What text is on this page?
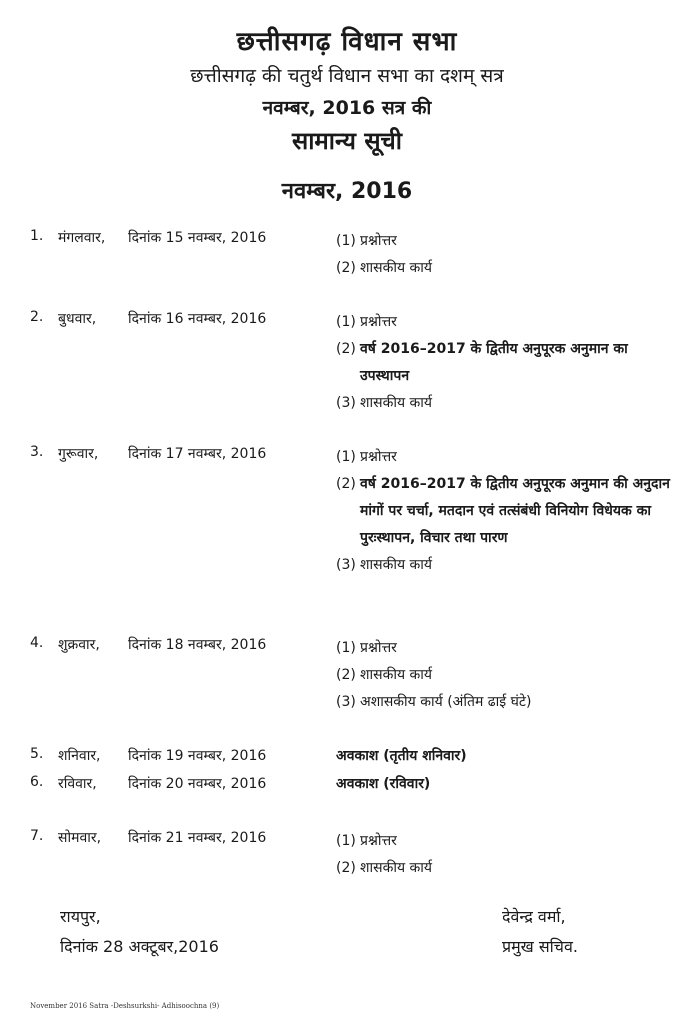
छत्तीसगढ़ विधान सभा
छत्तीसगढ़ की चतुर्थ विधान सभा का दशम् सत्र
नवम्बर, 2016 सत्र की
सामान्य सूची
नवम्बर, 2016
1. मंगलवार, दिनांक 15 नवम्बर, 2016	(1) प्रश्नोत्तर
(2) शासकीय कार्य
2. बुधवार, दिनांक 16 नवम्बर, 2016	(1) प्रश्नोत्तर
(2) वर्ष 2016–2017 के द्वितीय अनुपूरक अनुमान का उपस्थापन
(3) शासकीय कार्य
3. गुरूवार, दिनांक 17 नवम्बर, 2016	(1) प्रश्नोत्तर
(2) वर्ष 2016–2017 के द्वितीय अनुपूरक अनुमान की अनुदान मांगों पर चर्चा, मतदान एवं तत्संबंधी विनियोग विधेयक का पुरःस्थापन, विचार तथा पारण
(3) शासकीय कार्य
4. शुक्रवार, दिनांक 18 नवम्बर, 2016	(1) प्रश्नोत्तर
(2) शासकीय कार्य
(3) अशासकीय कार्य (अंतिम ढाई घंटे)
5. शनिवार, दिनांक 19 नवम्बर, 2016	अवकाश (तृतीय शनिवार)
6. रविवार, दिनांक 20 नवम्बर, 2016	अवकाश (रविवार)
7. सोमवार, दिनांक 21 नवम्बर, 2016	(1) प्रश्नोत्तर
(2) शासकीय कार्य
रायपुर,
दिनांक 28 अक्टूबर,2016
देवेन्द्र वर्मा,
प्रमुख सचिव.
November 2016 Satra -Deshsurkshi- Adhisoochna (9)
